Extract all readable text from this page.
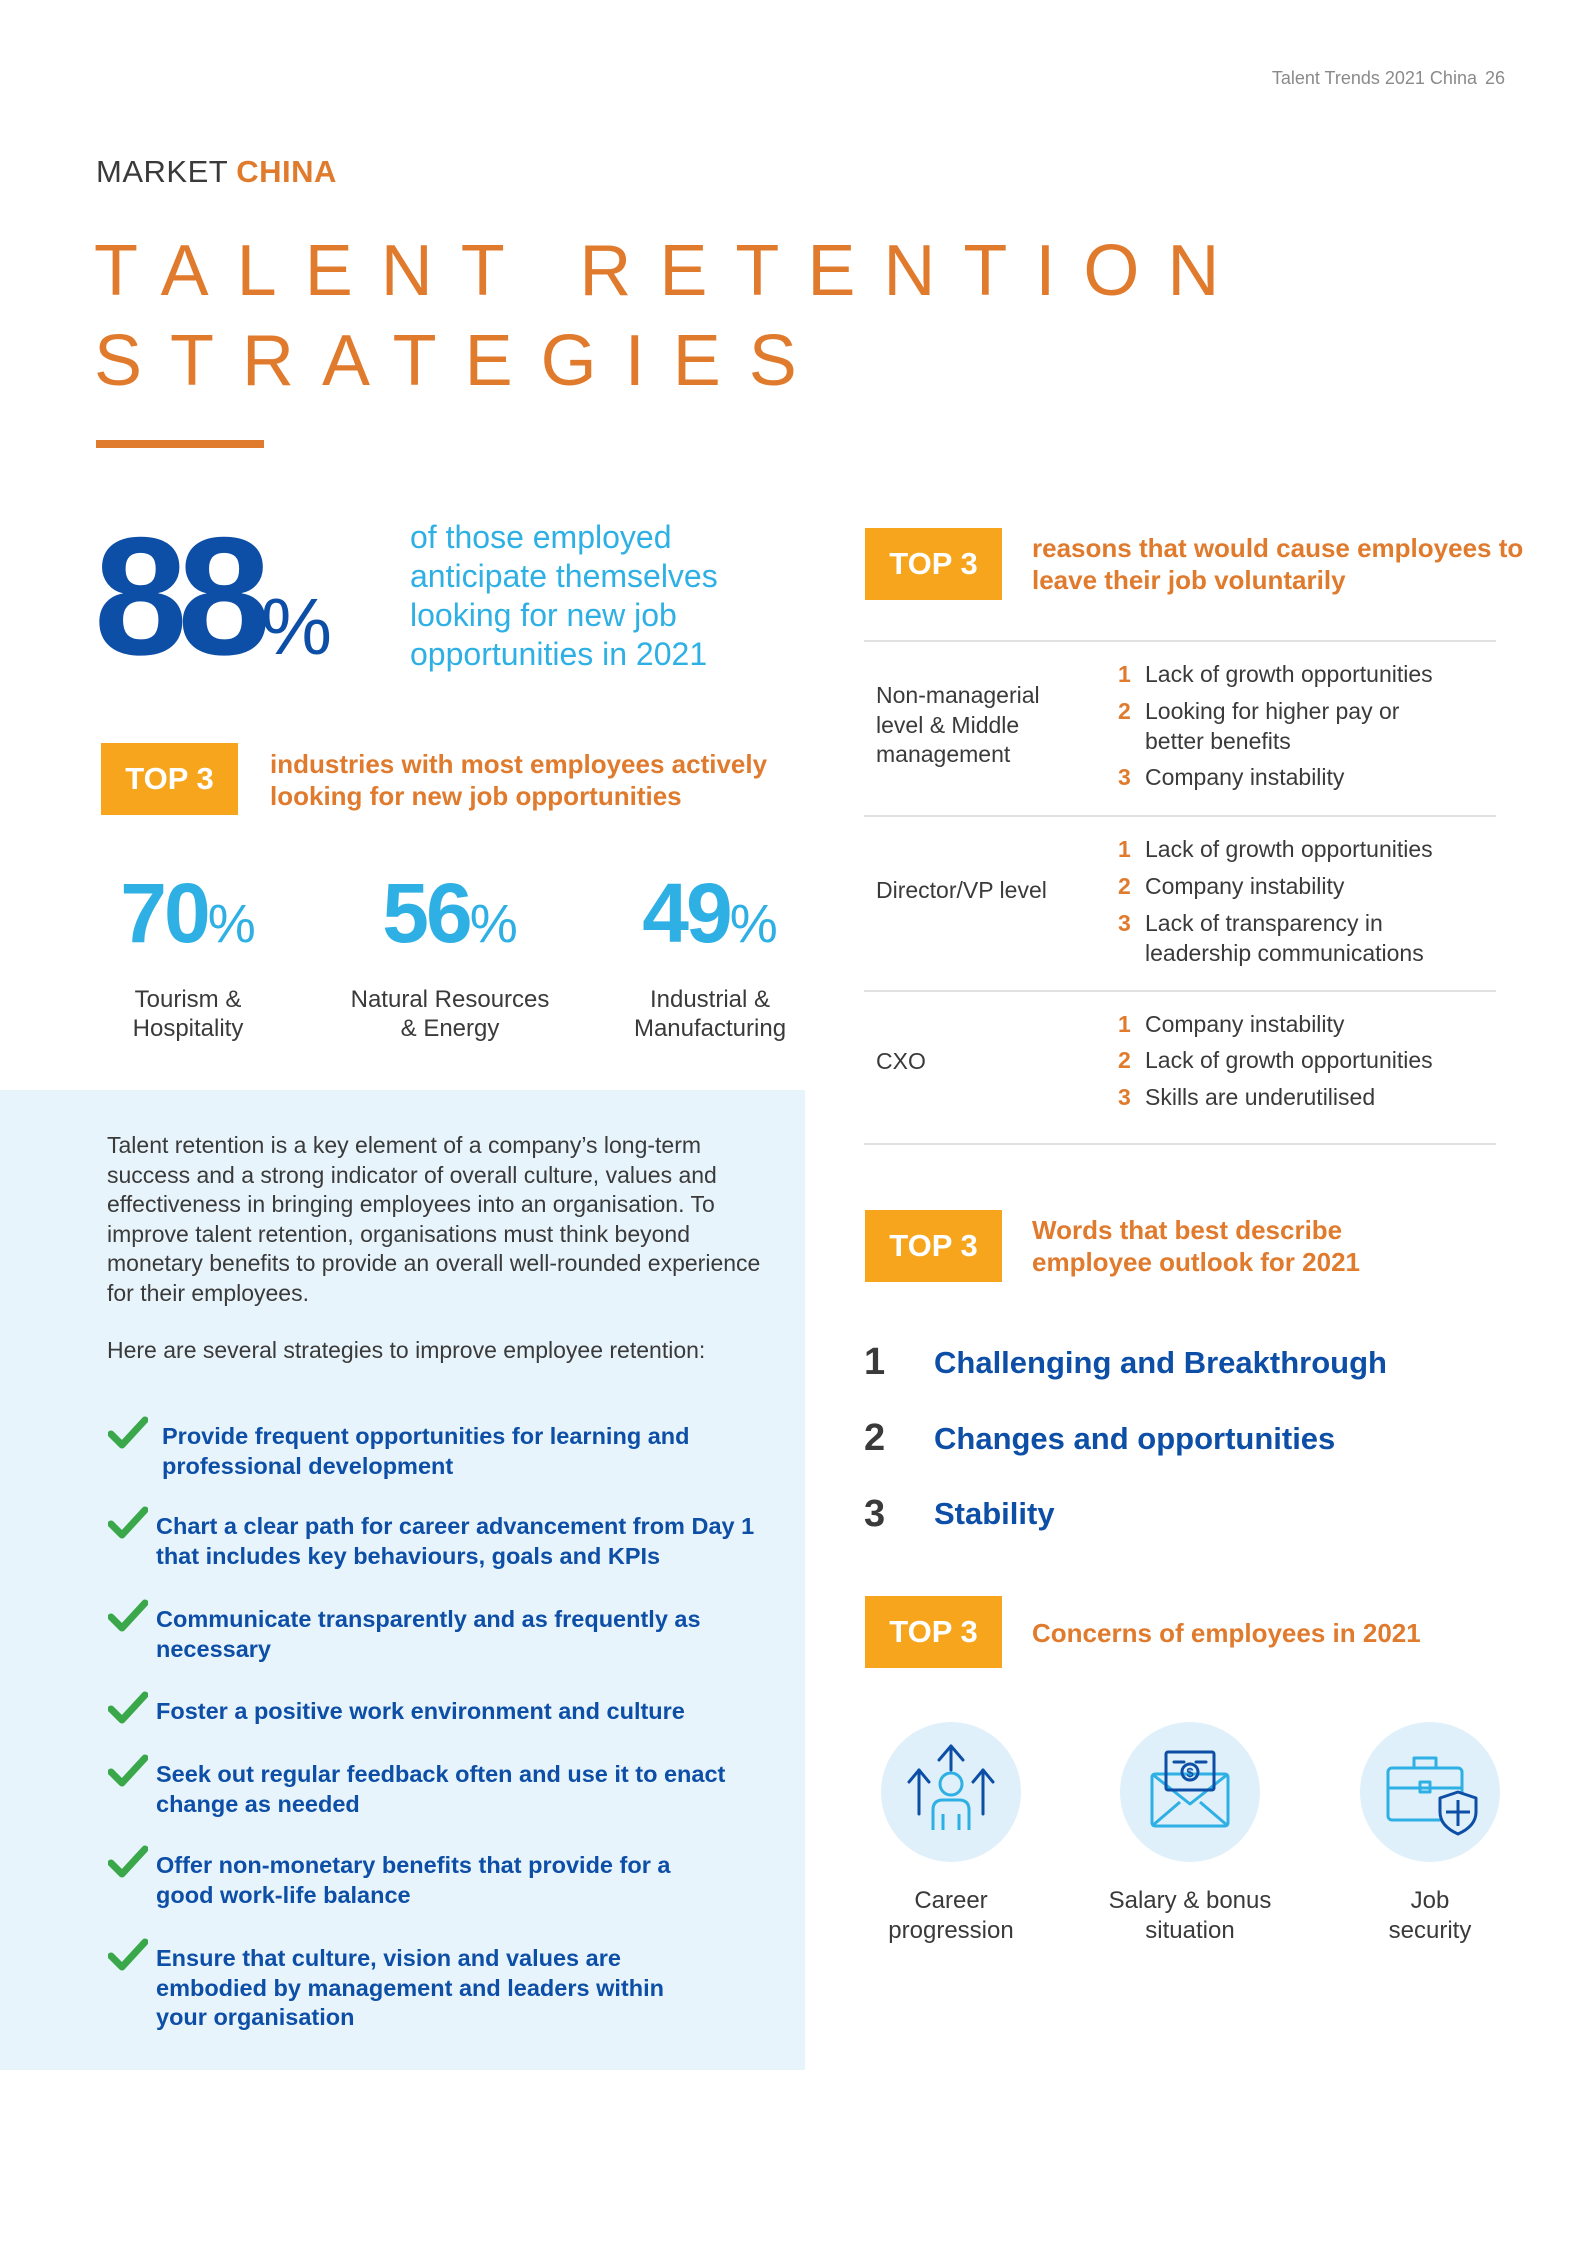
Talent Trends 2021 China 26
MARKET CHINA
TALENT RETENTION
STRATEGIES
88%
of those employed anticipate themselves looking for new job opportunities in 2021
TOP 3	industries with most employees actively looking for new job opportunities
70%
Tourism &
Hospitality
56%
Natural Resources
& Energy
49%
Industrial &
Manufacturing
Talent retention is a key element of a company’s long-term success and a strong indicator of overall culture, values and effectiveness in bringing employees into an organisation. To improve talent retention, organisations must think beyond monetary benefits to provide an overall well-rounded experience for their employees.
Here are several strategies to improve employee retention:
Provide frequent opportunities for learning and professional development
Chart a clear path for career advancement from Day 1 that includes key behaviours, goals and KPIs
Communicate transparently and as frequently as necessary
Foster a positive work environment and culture
Seek out regular feedback often and use it to enact change as needed
Offer non-monetary benefits that provide for a good work-life balance
Ensure that culture, vision and values are embodied by management and leaders within your organisation
TOP 3	reasons that would cause employees to leave their job voluntarily
Non-managerial level & Middle management
1 Lack of growth opportunities
2 Looking for higher pay or better benefits
3 Company instability
Director/VP level
1 Lack of growth opportunities
2 Company instability
3 Lack of transparency in leadership communications
CXO
1 Company instability
2 Lack of growth opportunities
3 Skills are underutilised
TOP 3	Words that best describe employee outlook for 2021
1 Challenging and Breakthrough
2 Changes and opportunities
3 Stability
TOP 3	Concerns of employees in 2021
Career
progression
$
Salary & bonus
situation
Job
security
